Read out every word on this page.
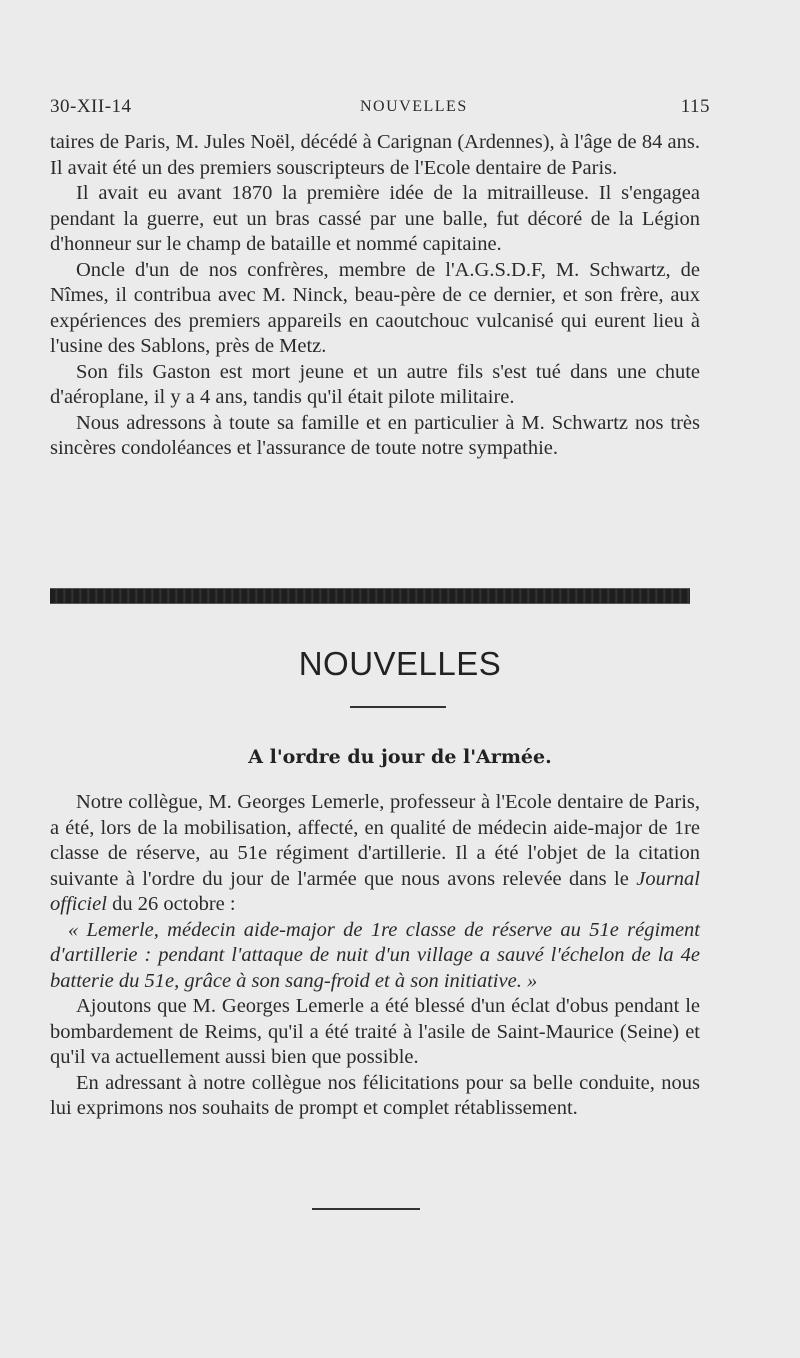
30-XII-14	NOUVELLES	115

taires de Paris, M. Jules Noël, décédé à Carignan (Ardennes), à l'âge de 84 ans. Il avait été un des premiers souscripteurs de l'Ecole dentaire de Paris.

Il avait eu avant 1870 la première idée de la mitrailleuse. Il s'engagea pendant la guerre, eut un bras cassé par une balle, fut décoré de la Légion d'honneur sur le champ de bataille et nommé capitaine.

Oncle d'un de nos confrères, membre de l'A.G.S.D.F, M. Schwartz, de Nîmes, il contribua avec M. Ninck, beau-père de ce dernier, et son frère, aux expériences des premiers appareils en caoutchouc vulcanisé qui eurent lieu à l'usine des Sablons, près de Metz.

Son fils Gaston est mort jeune et un autre fils s'est tué dans une chute d'aéroplane, il y a 4 ans, tandis qu'il était pilote militaire.

Nous adressons à toute sa famille et en particulier à M. Schwartz nos très sincères condoléances et l'assurance de toute notre sympathie.

NOUVELLES
A l'ordre du jour de l'Armée.

Notre collègue, M. Georges Lemerle, professeur à l'Ecole dentaire de Paris, a été, lors de la mobilisation, affecté, en qualité de médecin aide-major de 1re classe de réserve, au 51e régiment d'artillerie. Il a été l'objet de la citation suivante à l'ordre du jour de l'armée que nous avons relevée dans le Journal officiel du 26 octobre :

« Lemerle, médecin aide-major de 1re classe de réserve au 51e régiment d'artillerie : pendant l'attaque de nuit d'un village a sauvé l'échelon de la 4e batterie du 51e, grâce à son sang-froid et à son initiative. »

Ajoutons que M. Georges Lemerle a été blessé d'un éclat d'obus pendant le bombardement de Reims, qu'il a été traité à l'asile de Saint-Maurice (Seine) et qu'il va actuellement aussi bien que possible.

En adressant à notre collègue nos félicitations pour sa belle conduite, nous lui exprimons nos souhaits de prompt et complet rétablissement.
